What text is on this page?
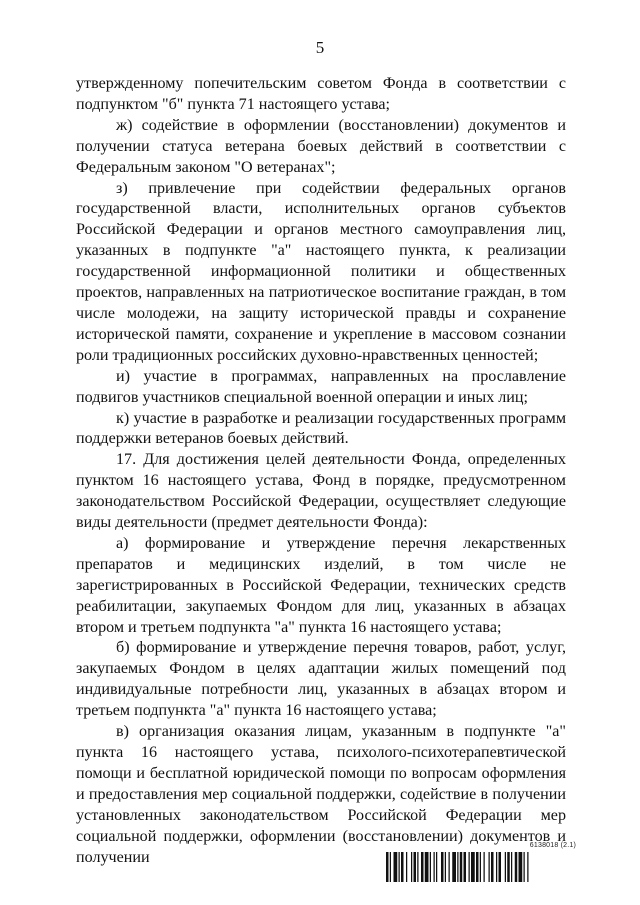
5

утвержденному попечительским советом Фонда в соответствии с подпунктом "б" пункта 71 настоящего устава;

ж) содействие в оформлении (восстановлении) документов и получении статуса ветерана боевых действий в соответствии с Федеральным законом "О ветеранах";

з) привлечение при содействии федеральных органов государственной власти, исполнительных органов субъектов Российской Федерации и органов местного самоуправления лиц, указанных в подпункте "а" настоящего пункта, к реализации государственной информационной политики и общественных проектов, направленных на патриотическое воспитание граждан, в том числе молодежи, на защиту исторической правды и сохранение исторической памяти, сохранение и укрепление в массовом сознании роли традиционных российских духовно-нравственных ценностей;

и) участие в программах, направленных на прославление подвигов участников специальной военной операции и иных лиц;

к) участие в разработке и реализации государственных программ поддержки ветеранов боевых действий.

17. Для достижения целей деятельности Фонда, определенных пунктом 16 настоящего устава, Фонд в порядке, предусмотренном законодательством Российской Федерации, осуществляет следующие виды деятельности (предмет деятельности Фонда):

а) формирование и утверждение перечня лекарственных препаратов и медицинских изделий, в том числе не зарегистрированных в Российской Федерации, технических средств реабилитации, закупаемых Фондом для лиц, указанных в абзацах втором и третьем подпункта "а" пункта 16 настоящего устава;

б) формирование и утверждение перечня товаров, работ, услуг, закупаемых Фондом в целях адаптации жилых помещений под индивидуальные потребности лиц, указанных в абзацах втором и третьем подпункта "а" пункта 16 настоящего устава;

в) организация оказания лицам, указанным в подпункте "а" пункта 16 настоящего устава, психолого-психотерапевтической помощи и бесплатной юридической помощи по вопросам оформления и предоставления мер социальной поддержки, содействие в получении установленных законодательством Российской Федерации мер социальной поддержки, оформлении (восстановлении) документов и получении

6138018 (2.1)
